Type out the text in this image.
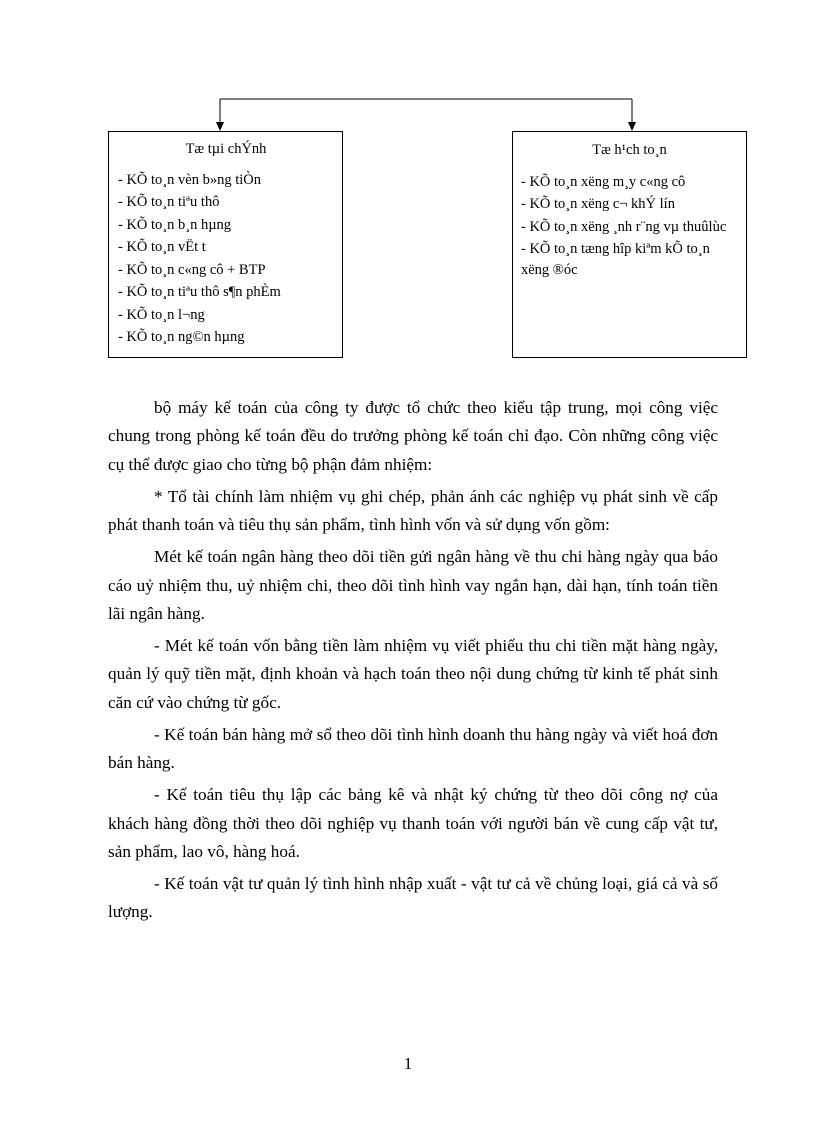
Tæ tµi chÝnh
- KÕ to¸n vèn b»ng tiÒn
- KÕ to¸n tiªu thô
- KÕ to¸n b¸n hµng
- KÕ to¸n vËt t
- KÕ to¸n c«ng cô + BTP
- KÕ to¸n tiªu thô s¶n phÈm
- KÕ to¸n l¬ng
- KÕ to¸n ng©n hµng
Tæ h¹ch to¸n
- KÕ to¸n xëng m¸y c«ng cô
- KÕ to¸n xëng c¬ khÝ lín
- KÕ to¸n xëng ¸nh r¨ng vµ thuûlùc
- KÕ to¸n tæng hîp kiªm kÕ to¸n xëng ®óc

bộ máy kế toán của công ty được tổ chức theo kiểu tập trung, mọi công việc chung trong phòng kế toán đều do trưởng phòng kế toán chỉ đạo. Còn những công việc cụ thể được giao cho từng bộ phận đảm nhiệm:

* Tổ tài chính làm nhiệm vụ ghi chép, phản ánh các nghiệp vụ phát sinh về cấp phát thanh toán và tiêu thụ sản phẩm, tình hình vốn và sử dụng vốn gồm:

Mét kế toán ngân hàng theo dõi tiền gửi ngân hàng về thu chi hàng ngày qua báo cáo uỷ nhiệm thu, uỷ nhiệm chi, theo dõi tình hình vay ngắn hạn, dài hạn, tính toán tiền lãi ngân hàng.

- Mét kế toán vốn bằng tiền làm nhiệm vụ viết phiếu thu chi tiền mặt hàng ngày, quản lý quỹ tiền mặt, định khoản và hạch toán theo nội dung chứng từ kinh tế phát sinh căn cứ vào chứng từ gốc.

- Kế toán bán hàng mở sổ theo dõi tình hình doanh thu hàng ngày và viết hoá đơn bán hàng.

- Kế toán tiêu thụ lập các bảng kê và nhật ký chứng từ theo dõi công nợ của khách hàng đồng thời theo dõi nghiệp vụ thanh toán với người bán về cung cấp vật tư, sản phẩm, lao vô, hàng hoá.

- Kế toán vật tư quản lý tình hình nhập xuất - vật tư cả về chủng loại, giá cả và số lượng.

1
